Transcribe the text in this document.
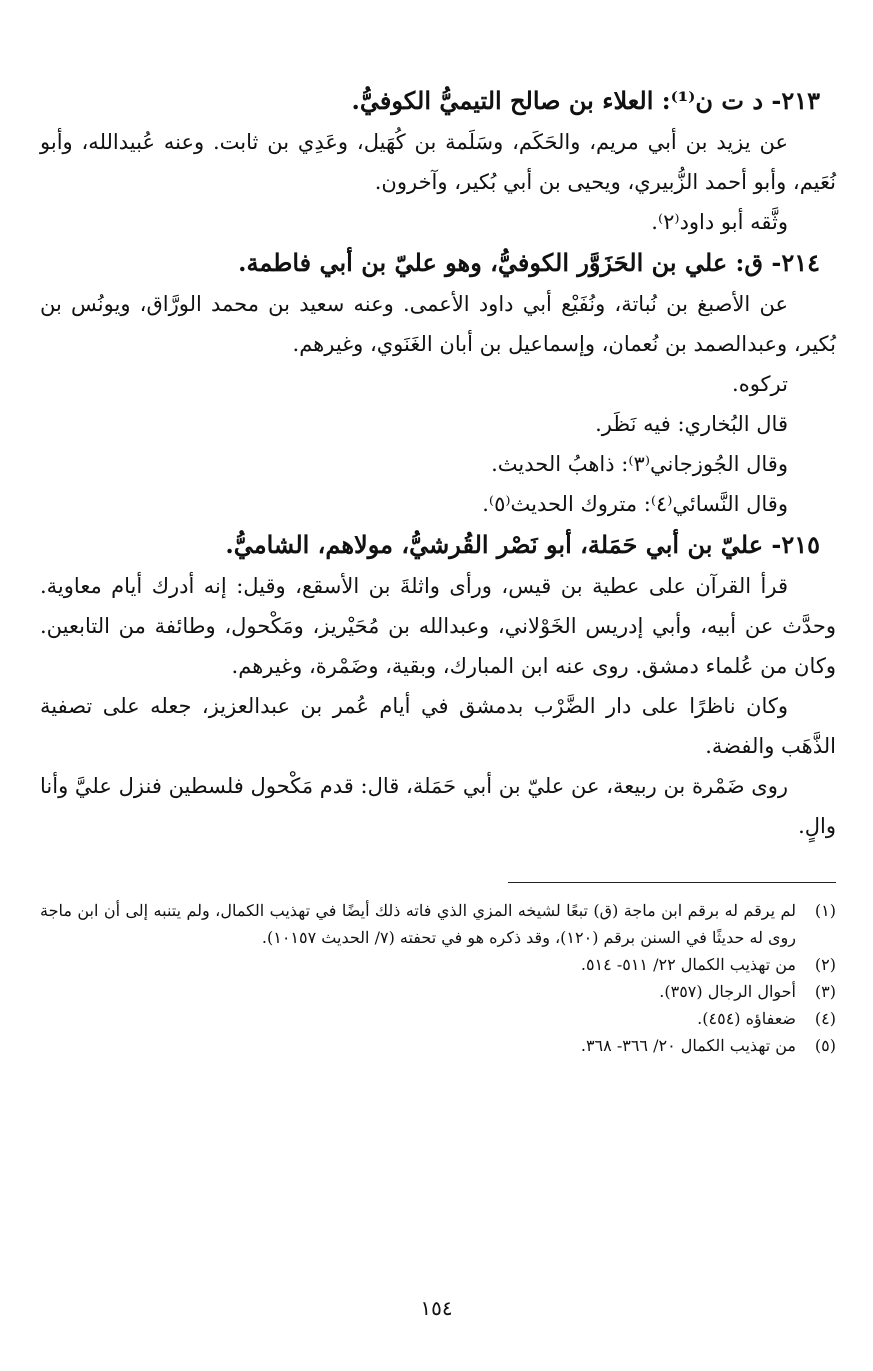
٢١٣- د ت ن⁽¹⁾: العلاء بن صالح التيميُّ الكوفيُّ.

عن يزيد بن أبي مريم، والحَكَم، وسَلَمة بن كُهَيل، وعَدِي بن ثابت. وعنه عُبيدالله، وأبو نُعَيم، وأبو أحمد الزُّبيري، ويحيى بن أبي بُكير، وآخرون.

وثَّقه أبو داود⁽٢⁾.

٢١٤- ق: علي بن الحَزَوَّر الكوفيُّ، وهو عليّ بن أبي فاطمة.

عن الأصبغ بن نُباتة، ونُفَيْع أبي داود الأعمى. وعنه سعيد بن محمد الورَّاق، ويونُس بن بُكير، وعبدالصمد بن نُعمان، وإسماعيل بن أبان الغَنَوي، وغيرهم.

تركوه.

قال البُخاري: فيه نَظَر.

وقال الجُوزجاني⁽٣⁾: ذاهبُ الحديث.

وقال النَّسائي⁽٤⁾: متروك الحديث⁽٥⁾.

٢١٥- عليّ بن أبي حَمَلة، أبو نَصْر القُرشيُّ، مولاهم، الشاميُّ.

قرأ القرآن على عطية بن قيس، ورأى واثلةَ بن الأسقع، وقيل: إنه أدرك أيام معاوية. وحدَّث عن أبيه، وأبي إدريس الخَوْلاني، وعبدالله بن مُحَيْريز، ومَكْحول، وطائفة من التابعين. وكان من عُلماء دمشق. روى عنه ابن المبارك، وبقية، وضَمْرة، وغيرهم.

وكان ناظرًا على دار الضَّرْب بدمشق في أيام عُمر بن عبدالعزيز، جعله على تصفية الذَّهَب والفضة.

روى ضَمْرة بن ربيعة، عن عليّ بن أبي حَمَلة، قال: قدم مَكْحول فلسطين فنزل عليَّ وأنا والٍ.

(١)
لم يرقم له برقم ابن ماجة (ق) تبعًا لشيخه المزي الذي فاته ذلك أيضًا في تهذيب الكمال، ولم يتنبه إلى أن ابن ماجة روى له حديثًا في السنن برقم (١٢٠)، وقد ذكره هو في تحفته (٧/ الحديث ١٠١٥٧).
(٢)
من تهذيب الكمال ٢٢/ ٥١١- ٥١٤.
(٣)
أحوال الرجال (٣٥٧).
(٤)
ضعفاؤه (٤٥٤).
(٥)
من تهذيب الكمال ٢٠/ ٣٦٦- ٣٦٨.
١٥٤
